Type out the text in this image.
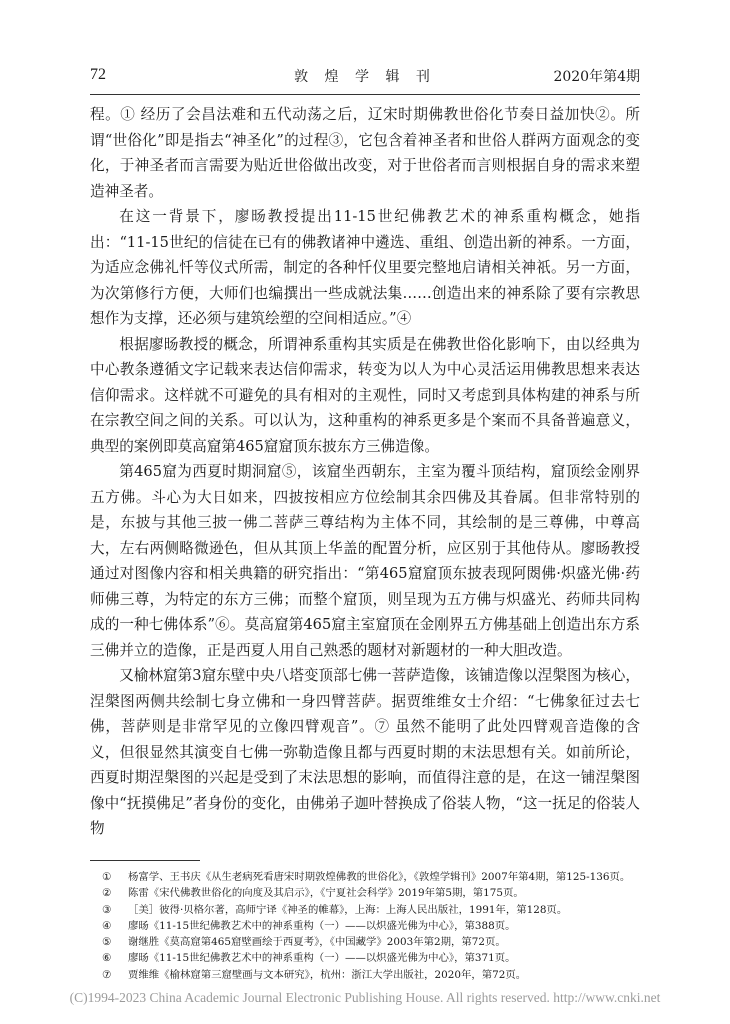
72	敦 煌 学 辑 刊	2020年第4期

程。① 经历了会昌法难和五代动荡之后，辽宋时期佛教世俗化节奏日益加快②。所谓“世俗化”即是指去“神圣化”的过程③，它包含着神圣者和世俗人群两方面观念的变化，于神圣者而言需要为贴近世俗做出改变，对于世俗者而言则根据自身的需求来塑造神圣者。

在这一背景下，廖旸教授提出11-15世纪佛教艺术的神系重构概念，她指出：“11-15世纪的信徒在已有的佛教诸神中遴选、重组、创造出新的神系。一方面，为适应念佛礼忏等仪式所需，制定的各种忏仪里要完整地启请相关神祇。另一方面，为次第修行方便，大师们也编撰出一些成就法集……创造出来的神系除了要有宗教思想作为支撑，还必须与建筑绘塑的空间相适应。”④

根据廖旸教授的概念，所谓神系重构其实质是在佛教世俗化影响下，由以经典为中心教条遵循文字记载来表达信仰需求，转变为以人为中心灵活运用佛教思想来表达信仰需求。这样就不可避免的具有相对的主观性，同时又考虑到具体构建的神系与所在宗教空间之间的关系。可以认为，这种重构的神系更多是个案而不具备普遍意义，典型的案例即莫高窟第465窟窟顶东披东方三佛造像。

第465窟为西夏时期洞窟⑤，该窟坐西朝东，主室为覆斗顶结构，窟顶绘金刚界五方佛。斗心为大日如来，四披按相应方位绘制其余四佛及其眷属。但非常特别的是，东披与其他三披一佛二菩萨三尊结构为主体不同，其绘制的是三尊佛，中尊高大，左右两侧略微逊色，但从其顶上华盖的配置分析，应区别于其他侍从。廖旸教授通过对图像内容和相关典籍的研究指出：“第465窟窟顶东披表现阿閦佛·炽盛光佛·药师佛三尊，为特定的东方三佛；而整个窟顶，则呈现为五方佛与炽盛光、药师共同构成的一种七佛体系”⑥。莫高窟第465窟主室窟顶在金刚界五方佛基础上创造出东方系三佛并立的造像，正是西夏人用自己熟悉的题材对新题材的一种大胆改造。

又榆林窟第3窟东壁中央八塔变顶部七佛一菩萨造像，该铺造像以涅槃图为核心，涅槃图两侧共绘制七身立佛和一身四臂菩萨。据贾维维女士介绍：“七佛象征过去七佛，菩萨则是非常罕见的立像四臂观音”。⑦ 虽然不能明了此处四臂观音造像的含义，但很显然其演变自七佛一弥勒造像且都与西夏时期的末法思想有关。如前所论，西夏时期涅槃图的兴起是受到了末法思想的影响，而值得注意的是，在这一铺涅槃图像中“抚摸佛足”者身份的变化，由佛弟子迦叶替换成了俗装人物，“这一抚足的俗装人物

① 杨富学、王书庆《从生老病死看唐宋时期敦煌佛教的世俗化》，《敦煌学辑刊》2007年第4期，第125-136页。
② 陈雷《宋代佛教世俗化的向度及其启示》，《宁夏社会科学》2019年第5期，第175页。
③ ［美］彼得·贝格尔著，高师宁译《神圣的帷幕》，上海：上海人民出版社，1991年，第128页。
④ 廖旸《11-15世纪佛教艺术中的神系重构（一）——以炽盛光佛为中心》，第388页。
⑤ 谢继胜《莫高窟第465窟壁画绘于西夏考》，《中国藏学》2003年第2期，第72页。
⑥ 廖旸《11-15世纪佛教艺术中的神系重构（一）——以炽盛光佛为中心》，第371页。
⑦ 贾维维《榆林窟第三窟壁画与文本研究》，杭州：浙江大学出版社，2020年，第72页。
(C)1994-2023 China Academic Journal Electronic Publishing House. All rights reserved. http://www.cnki.net
